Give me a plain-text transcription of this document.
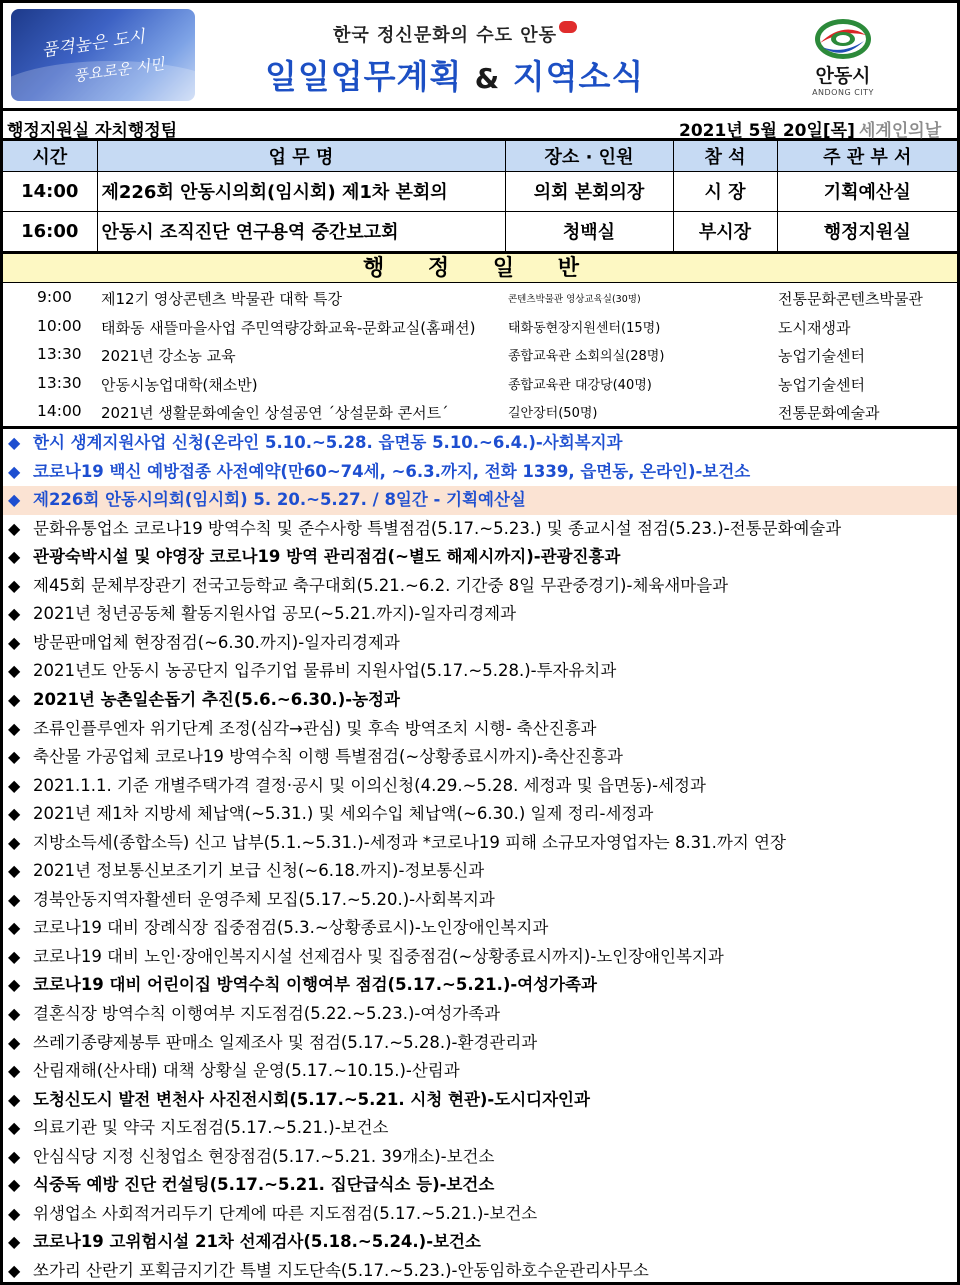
품격높은 도시
풍요로운 시민
한국 정신문화의 수도 안동
일일업무계획 & 지역소식	안동시
ANDONG CITY
행정지원실 자치행정팀	2021년 5월 20일[목] 세계인의날
시간	업 무 명	장소 · 인원	참 석	주 관 부 서
14:00	제226회 안동시의회(임시회) 제1차 본회의	의회 본회의장	시 장	기획예산실
16:00	안동시 조직진단 연구용역 중간보고회	청백실	부시장	행정지원실
행 정 일 반
9:00	제12기 영상콘텐츠 박물관 대학 특강	콘텐츠박물관 영상교육실(30명)	전통문화콘텐츠박물관
10:00	태화동 새뜰마을사업 주민역량강화교육-문화교실(홈패션)	태화동현장지원센터(15명)	도시재생과
13:30	2021년 강소농 교육	종합교육관 소회의실(28명)	농업기술센터
13:30	안동시농업대학(채소반)	종합교육관 대강당(40명)	농업기술센터
14:00	2021년 생활문화예술인 상설공연 ´상설문화 콘서트´	길안장터(50명)	전통문화예술과
◆ 한시 생계지원사업 신청(온라인 5.10.~5.28. 읍면동 5.10.~6.4.)-사회복지과
◆ 코로나19 백신 예방접종 사전예약(만60~74세, ~6.3.까지, 전화 1339, 읍면동, 온라인)-보건소
◆ 제226회 안동시의회(임시회) 5. 20.~5.27. / 8일간 - 기획예산실
◆ 문화유통업소 코로나19 방역수칙 및 준수사항 특별점검(5.17.~5.23.) 및 종교시설 점검(5.23.)-전통문화예술과
◆ 관광숙박시설 및 야영장 코로나19 방역 관리점검(~별도 해제시까지)-관광진흥과
◆ 제45회 문체부장관기 전국고등학교 축구대회(5.21.~6.2. 기간중 8일 무관중경기)-체육새마을과
◆ 2021년 청년공동체 활동지원사업 공모(~5.21.까지)-일자리경제과
◆ 방문판매업체 현장점검(~6.30.까지)-일자리경제과
◆ 2021년도 안동시 농공단지 입주기업 물류비 지원사업(5.17.~5.28.)-투자유치과
◆ 2021년 농촌일손돕기 추진(5.6.~6.30.)-농정과
◆ 조류인플루엔자 위기단계 조정(심각→관심) 및 후속 방역조치 시행- 축산진흥과
◆ 축산물 가공업체 코로나19 방역수칙 이행 특별점검(~상황종료시까지)-축산진흥과
◆ 2021.1.1. 기준 개별주택가격 결정·공시 및 이의신청(4.29.~5.28. 세정과 및 읍면동)-세정과
◆ 2021년 제1차 지방세 체납액(~5.31.) 및 세외수입 체납액(~6.30.) 일제 정리-세정과
◆ 지방소득세(종합소득) 신고 납부(5.1.~5.31.)-세정과 *코로나19 피해 소규모자영업자는 8.31.까지 연장
◆ 2021년 정보통신보조기기 보급 신청(~6.18.까지)-정보통신과
◆ 경북안동지역자활센터 운영주체 모집(5.17.~5.20.)-사회복지과
◆ 코로나19 대비 장례식장 집중점검(5.3.~상황종료시)-노인장애인복지과
◆ 코로나19 대비 노인·장애인복지시설 선제검사 및 집중점검(~상황종료시까지)-노인장애인복지과
◆ 코로나19 대비 어린이집 방역수칙 이행여부 점검(5.17.~5.21.)-여성가족과
◆ 결혼식장 방역수칙 이행여부 지도점검(5.22.~5.23.)-여성가족과
◆ 쓰레기종량제봉투 판매소 일제조사 및 점검(5.17.~5.28.)-환경관리과
◆ 산림재해(산사태) 대책 상황실 운영(5.17.~10.15.)-산림과
◆ 도청신도시 발전 변천사 사진전시회(5.17.~5.21. 시청 현관)-도시디자인과
◆ 의료기관 및 약국 지도점검(5.17.~5.21.)-보건소
◆ 안심식당 지정 신청업소 현장점검(5.17.~5.21. 39개소)-보건소
◆ 식중독 예방 진단 컨설팅(5.17.~5.21. 집단급식소 등)-보건소
◆ 위생업소 사회적거리두기 단계에 따른 지도점검(5.17.~5.21.)-보건소
◆ 코로나19 고위험시설 21차 선제검사(5.18.~5.24.)-보건소
◆ 쏘가리 산란기 포획금지기간 특별 지도단속(5.17.~5.23.)-안동임하호수운관리사무소
